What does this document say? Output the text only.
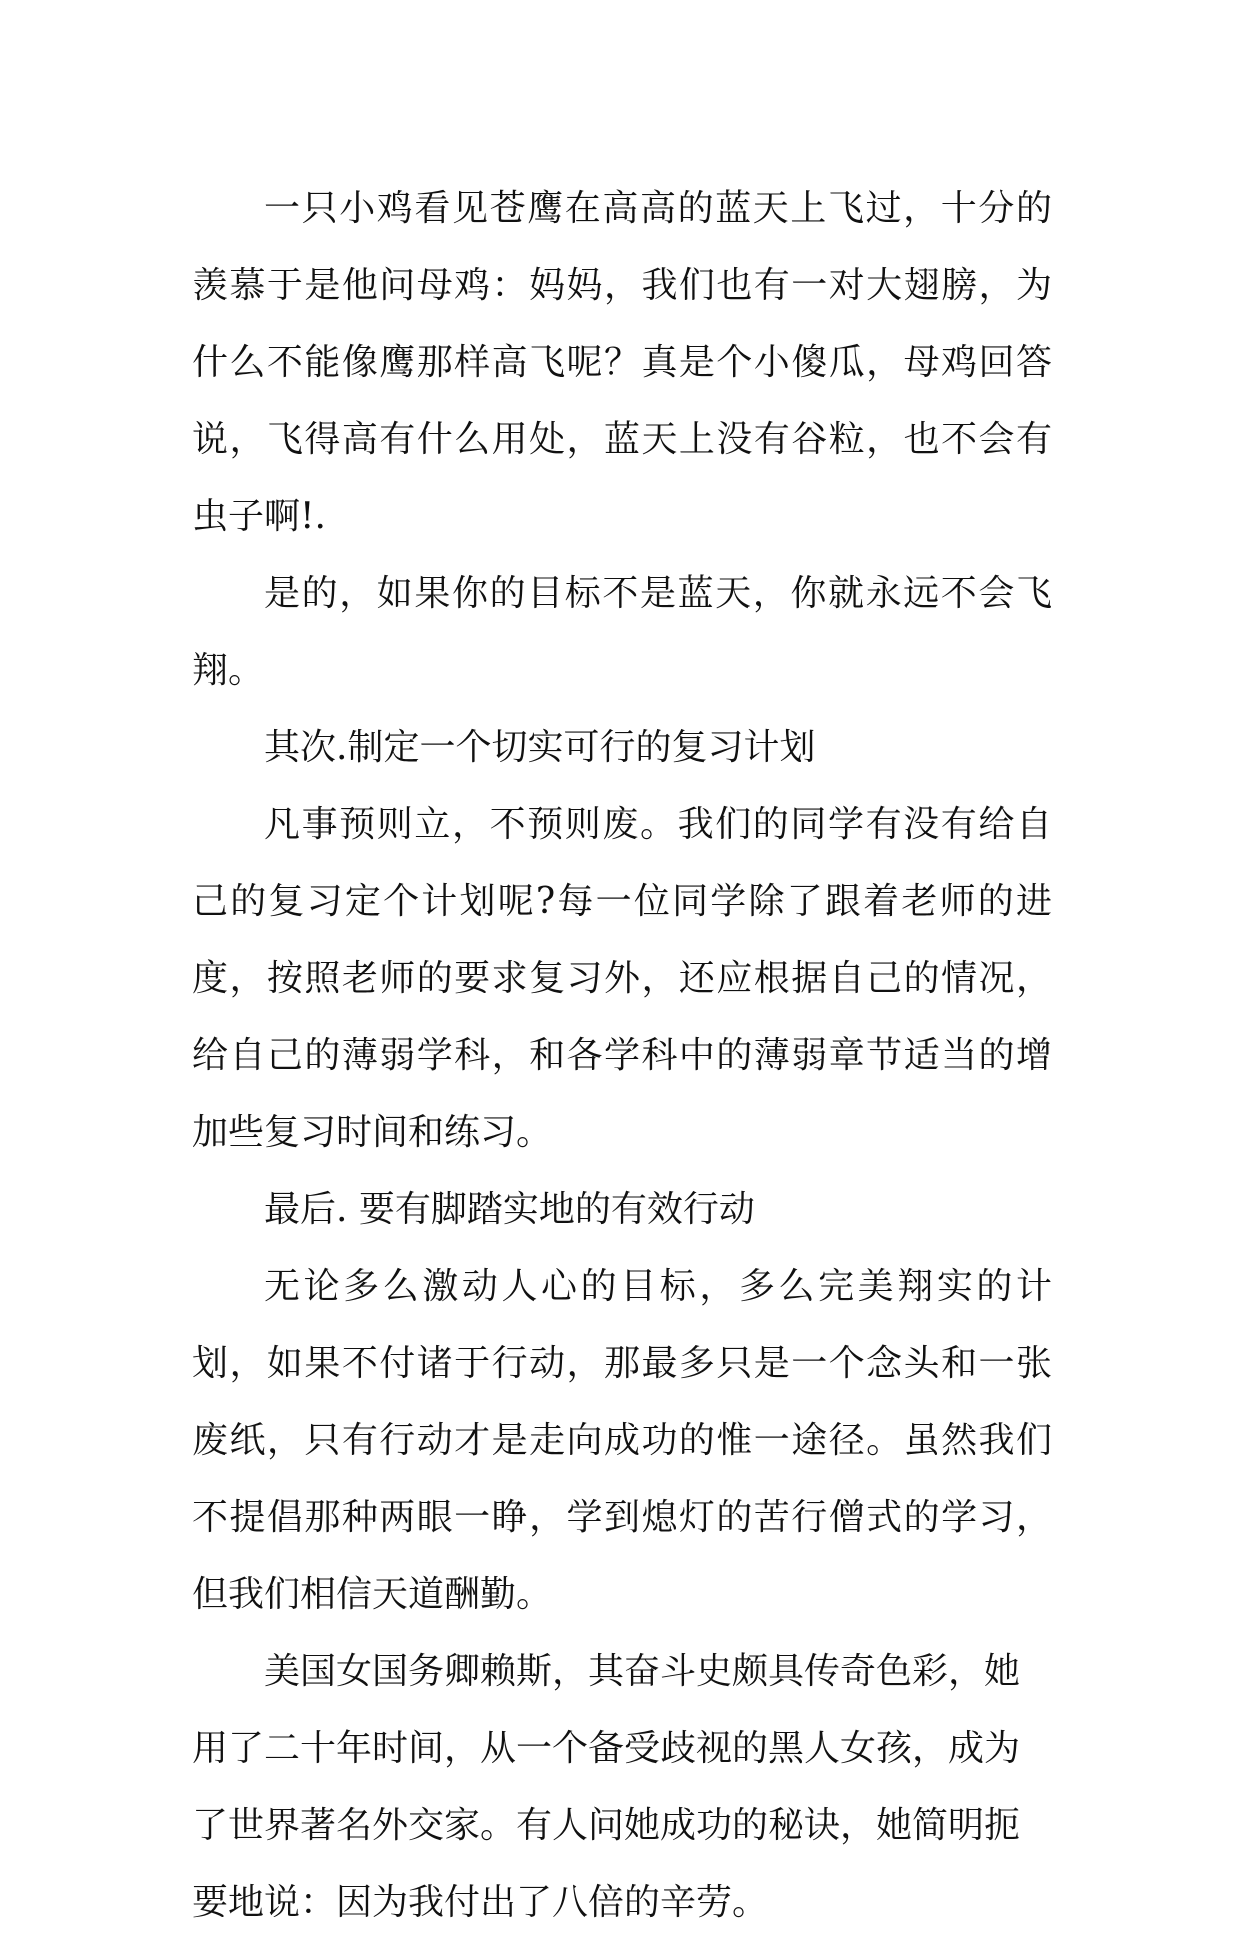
一只小鸡看见苍鹰在高高的蓝天上飞过，十分的羡慕于是他问母鸡：妈妈，我们也有一对大翅膀，为什么不能像鹰那样高飞呢？真是个小傻瓜，母鸡回答说，飞得高有什么用处，蓝天上没有谷粒，也不会有虫子啊!.

是的，如果你的目标不是蓝天，你就永远不会飞翔。

其次.制定一个切实可行的复习计划

凡事预则立，不预则废。我们的同学有没有给自己的复习定个计划呢?每一位同学除了跟着老师的进度，按照老师的要求复习外，还应根据自己的情况，给自己的薄弱学科，和各学科中的薄弱章节适当的增加些复习时间和练习。

最后. 要有脚踏实地的有效行动

无论多么激动人心的目标，多么完美翔实的计划，如果不付诸于行动，那最多只是一个念头和一张废纸，只有行动才是走向成功的惟一途径。虽然我们不提倡那种两眼一睁，学到熄灯的苦行僧式的学习，但我们相信天道酬勤。

美国女国务卿赖斯，其奋斗史颇具传奇色彩，她用了二十年时间，从一个备受歧视的黑人女孩，成为了世界著名外交家。有人问她成功的秘诀，她简明扼要地说：因为我付出了八倍的辛劳。
